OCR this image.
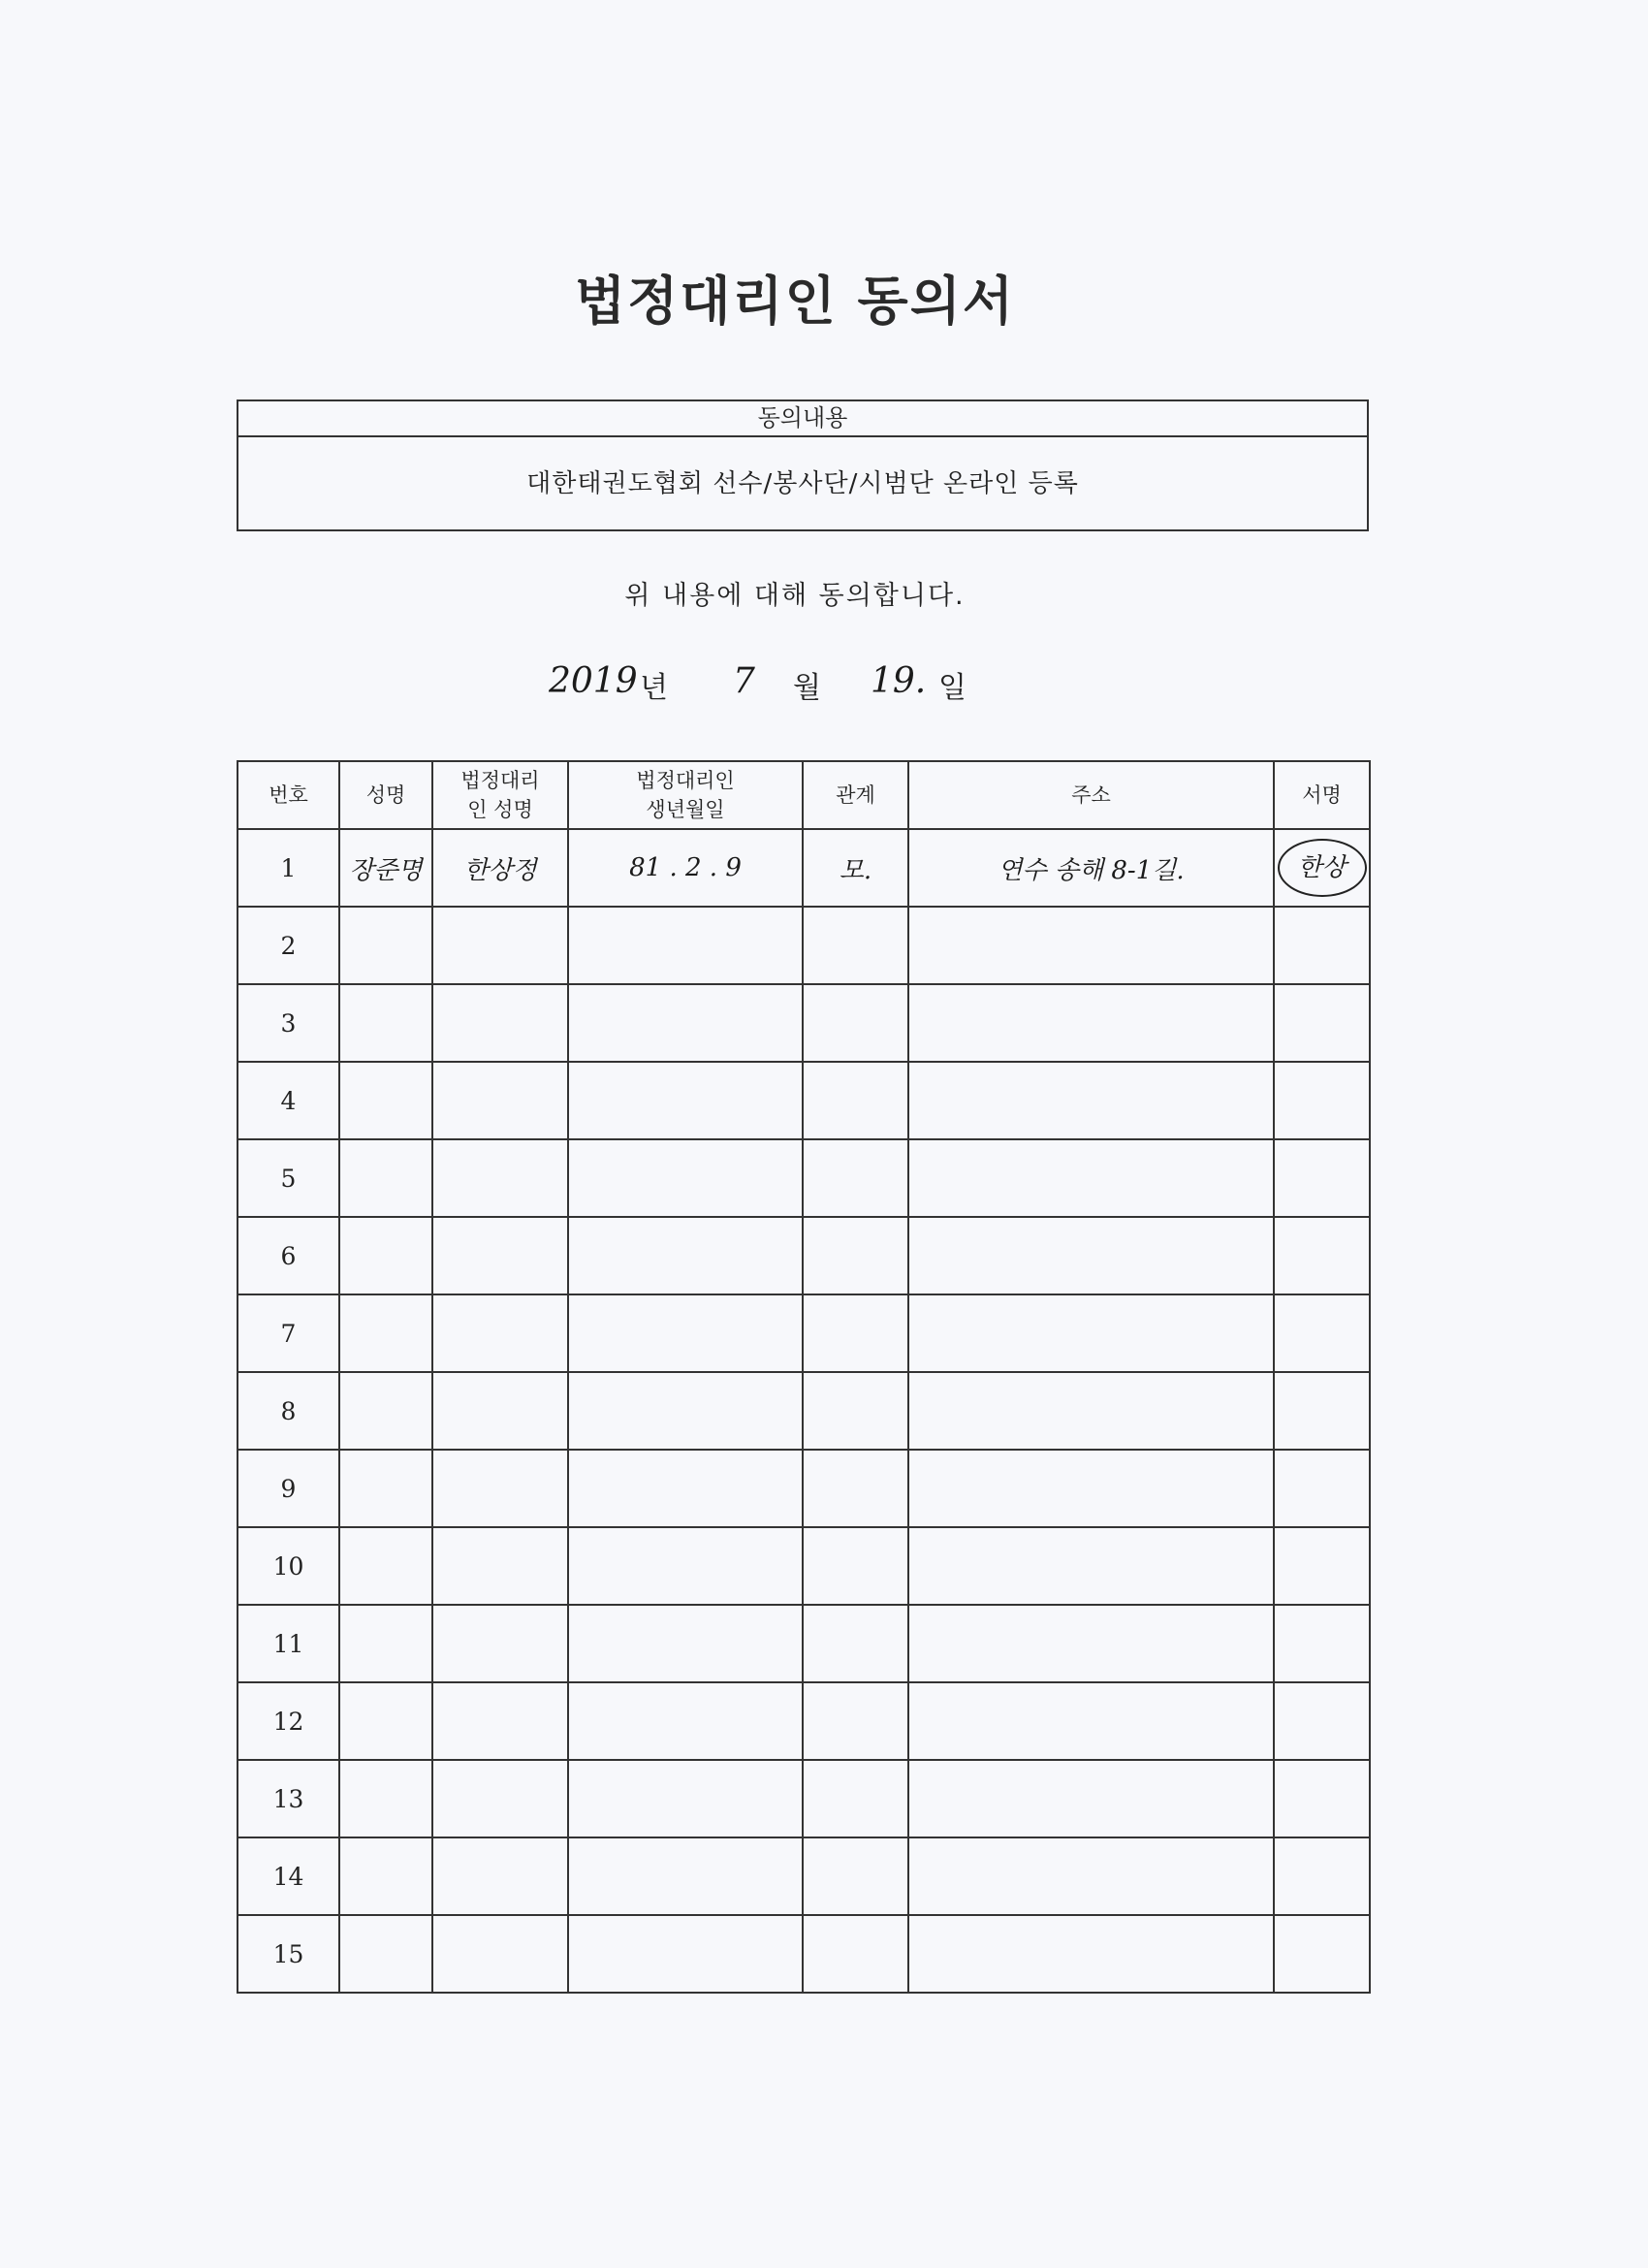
법정대리인 동의서
동의내용
대한태권도협회 선수/봉사단/시범단 온라인 등록
위 내용에 대해 동의합니다.
2019 년 7 월 19. 일
번호	성명	법정대리인 성명	법정대리인 생년월일	관계	주소	서명
1	장준명	한상정	81 . 2 . 9	모.	연수 송해 8-1길.	한상
2						
3						
4						
5						
6						
7						
8						
9						
10						
11						
12						
13						
14						
15						
